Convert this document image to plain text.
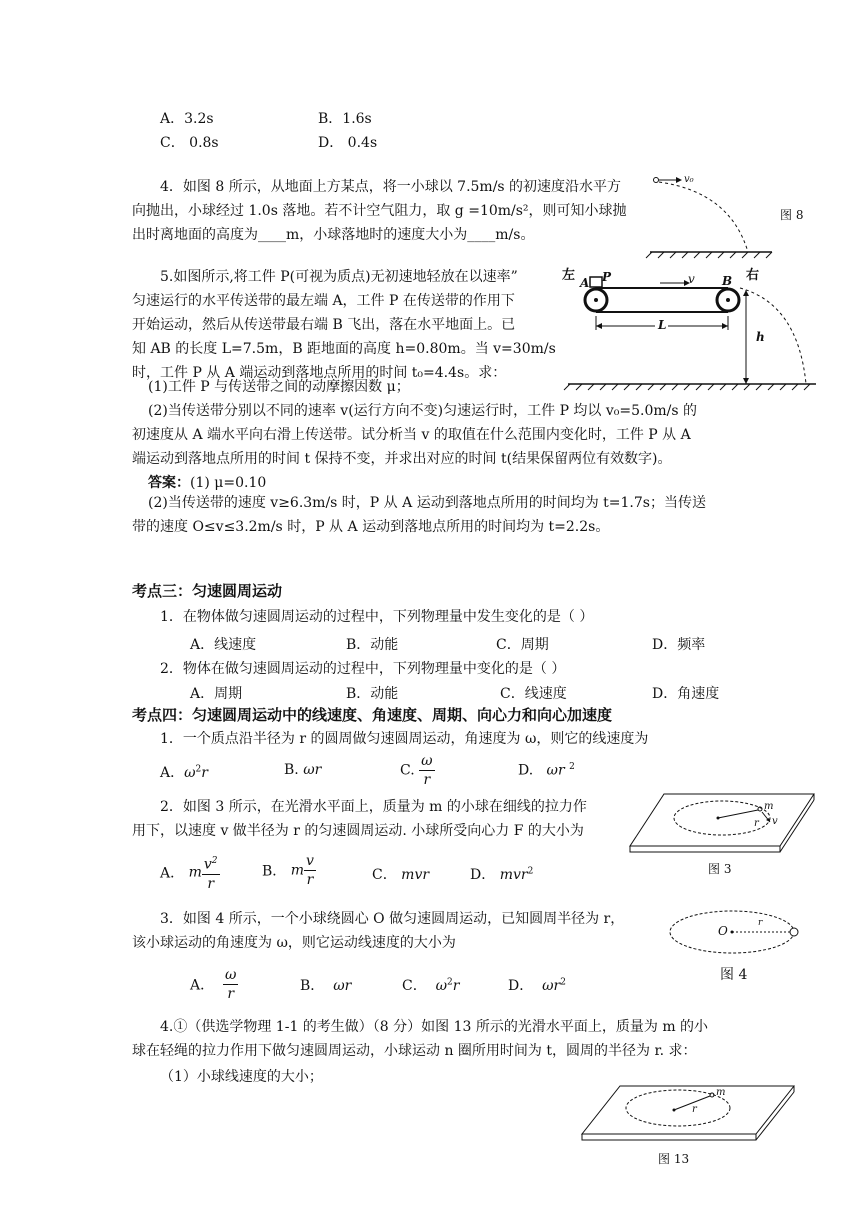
A．3.2s	B．1.6s
C． 0.8s	D． 0.4s
4．如图 8 所示，从地面上方某点，将一小球以 7.5m/s 的初速度沿水平方
向抛出，小球经过 1.0s 落地。若不计空气阻力，取 g =10m/s²，则可知小球抛
出时离地面的高度为____m，小球落地时的速度大小为____m/s。
v₀
图 8
5.如图所示,将工件 P(可视为质点)无初速地轻放在以速率”
匀速运行的水平传送带的最左端 A，工件 P 在传送带的作用下
开始运动，然后从传送带最右端 B 飞出，落在水平地面上。已
知 AB 的长度 L=7.5m，B 距地面的高度 h=0.80m。当 v=30m/s
时，工件 P 从 A 端运动到落地点所用的时间 t₀=4.4s。求：
(1)工件 P 与传送带之间的动摩擦因数 μ；
(2)当传送带分别以不同的速率 v(运行方向不变)匀速运行时，工件 P 均以 v₀=5.0m/s 的
初速度从 A 端水平向右滑上传送带。试分析当 v 的取值在什么范围内变化时，工件 P 从 A
端运动到落地点所用的时间 t 保持不变，并求出对应的时间 t(结果保留两位有效数字)。
答案：(1) μ=0.10
(2)当传送带的速度 v≥6.3m/s 时，P 从 A 运动到落地点所用的时间均为 t=1.7s；当传送
带的速度 O≤v≤3.2m/s 时，P 从 A 运动到落地点所用的时间均为 t=2.2s。
左	右
A P	B
v
L
h
考点三：匀速圆周运动
1．在物体做匀速圆周运动的过程中，下列物理量中发生变化的是（ ）
A．线速度	B．动能	C．周期	D．频率
2．物体在做匀速圆周运动的过程中，下列物理量中变化的是（ ）
A．周期	B．动能	C．线速度	D．角速度
考点四：匀速圆周运动中的线速度、角速度、周期、向心力和向心加速度
1．一个质点沿半径为 r 的圆周做匀速圆周运动，角速度为 ω，则它的线速度为
A．$\omega^2r$	B. ωr	C. $\frac{\omega}{r}$	D. ωr $^2$
2．如图 3 所示，在光滑水平面上，质量为 m 的小球在细线的拉力作
用下，以速度 v 做半径为 r 的匀速圆周运动. 小球所受向心力 F 的大小为
A． m $\frac{v^2}{r}$	B． m $\frac{v}{r}$	C． mvr	D． mvr$^2$
m
r v
图 3
3．如图 4 所示，一个小球绕圆心 O 做匀速圆周运动，已知圆周半径为 r，
该小球运动的角速度为 ω，则它运动线速度的大小为
A． $\frac{\omega}{r}$	B． ωr	C． $\omega^2r$	D． $\omega r^2$
O
r
图 4
4.①（供选学物理 1-1 的考生做）（8 分）如图 13 所示的光滑水平面上，质量为 m 的小
球在轻绳的拉力作用下做匀速圆周运动，小球运动 n 圈所用时间为 t，圆周的半径为 r. 求：
（1）小球线速度的大小；
m
r
图 13
